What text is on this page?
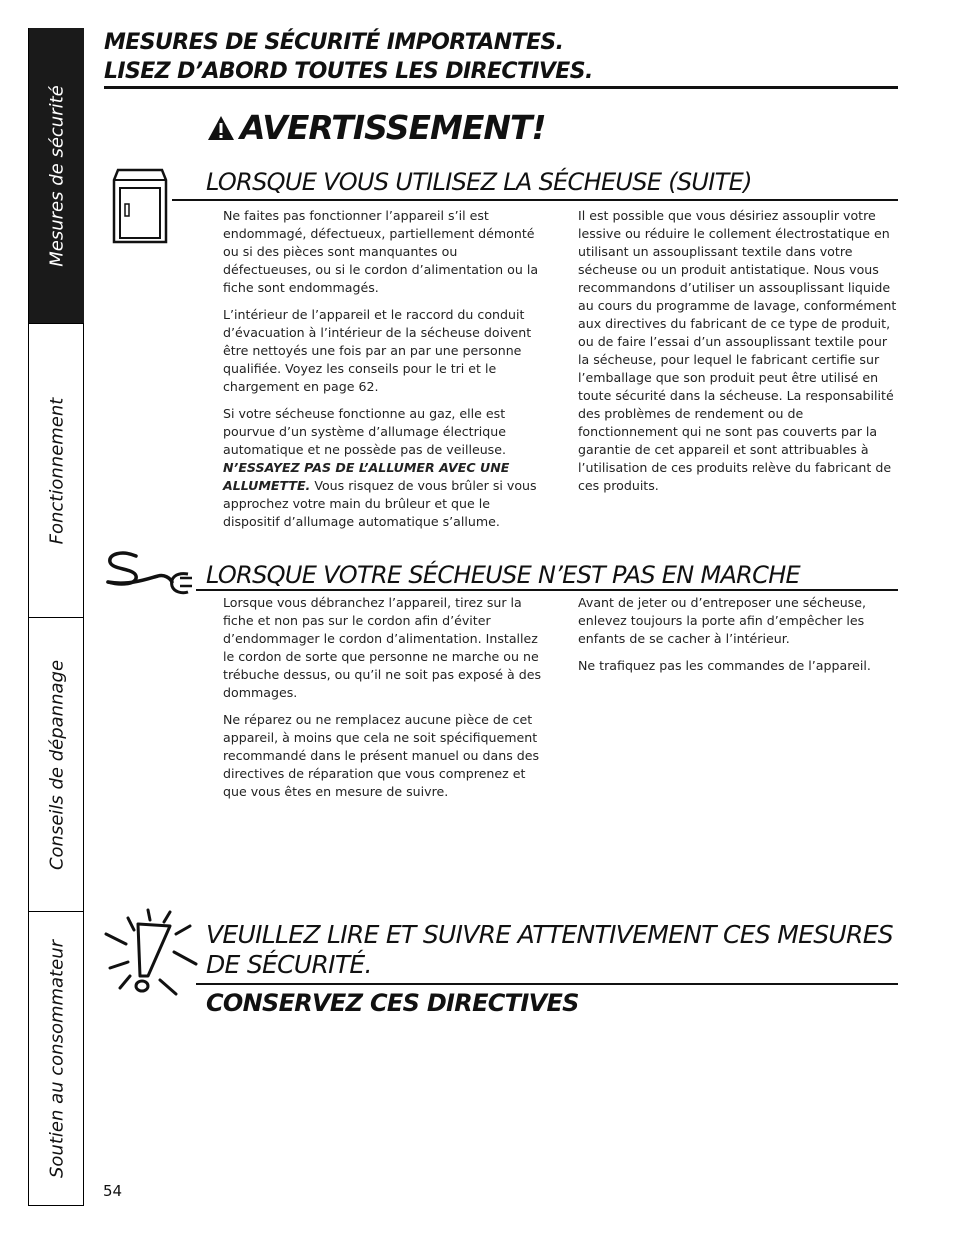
Mesures de sécurité
Fonctionnement
Conseils de dépannage
Soutien au consommateur
MESURES DE SÉCURITÉ IMPORTANTES.
LISEZ D’ABORD TOUTES LES DIRECTIVES.
AVERTISSEMENT!
LORSQUE VOUS UTILISEZ LA SÉCHEUSE (SUITE)

Ne faites pas fonctionner l’appareil s’il est endommagé, défectueux, partiellement démonté ou si des pièces sont manquantes ou défectueuses, ou si le cordon d’alimentation ou la fiche sont endommagés.

L’intérieur de l’appareil et le raccord du conduit d’évacuation à l’intérieur de la sécheuse doivent être nettoyés une fois par an par une personne qualifiée. Voyez les conseils pour le tri et le chargement en page 62.

Si votre sécheuse fonctionne au gaz, elle est pourvue d’un système d’allumage électrique automatique et ne possède pas de veilleuse. N’ESSAYEZ PAS DE L’ALLUMER AVEC UNE ALLUMETTE. Vous risquez de vous brûler si vous approchez votre main du brûleur et que le dispositif d’allumage automatique s’allume.

Il est possible que vous désiriez assouplir votre lessive ou réduire le collement électrostatique en utilisant un assouplissant textile dans votre sécheuse ou un produit antistatique. Nous vous recommandons d’utiliser un assouplissant liquide au cours du programme de lavage, conformément aux directives du fabricant de ce type de produit, ou de faire l’essai d’un assouplissant textile pour la sécheuse, pour lequel le fabricant certifie sur l’emballage que son produit peut être utilisé en toute sécurité dans la sécheuse. La responsabilité des problèmes de rendement ou de fonctionnement qui ne sont pas couverts par la garantie de cet appareil et sont attribuables à l’utilisation de ces produits relève du fabricant de ces produits.

LORSQUE VOTRE SÉCHEUSE N’EST PAS EN MARCHE

Lorsque vous débranchez l’appareil, tirez sur la fiche et non pas sur le cordon afin d’éviter d’endommager le cordon d’alimentation. Installez le cordon de sorte que personne ne marche ou ne trébuche dessus, ou qu’il ne soit pas exposé à des dommages.

Ne réparez ou ne remplacez aucune pièce de cet appareil, à moins que cela ne soit spécifiquement recommandé dans le présent manuel ou dans des directives de réparation que vous comprenez et que vous êtes en mesure de suivre.

Avant de jeter ou d’entreposer une sécheuse, enlevez toujours la porte afin d’empêcher les enfants de se cacher à l’intérieur.

Ne trafiquez pas les commandes de l’appareil.

VEUILLEZ LIRE ET SUIVRE ATTENTIVEMENT CES MESURES DE SÉCURITÉ.
CONSERVEZ CES DIRECTIVES
54
